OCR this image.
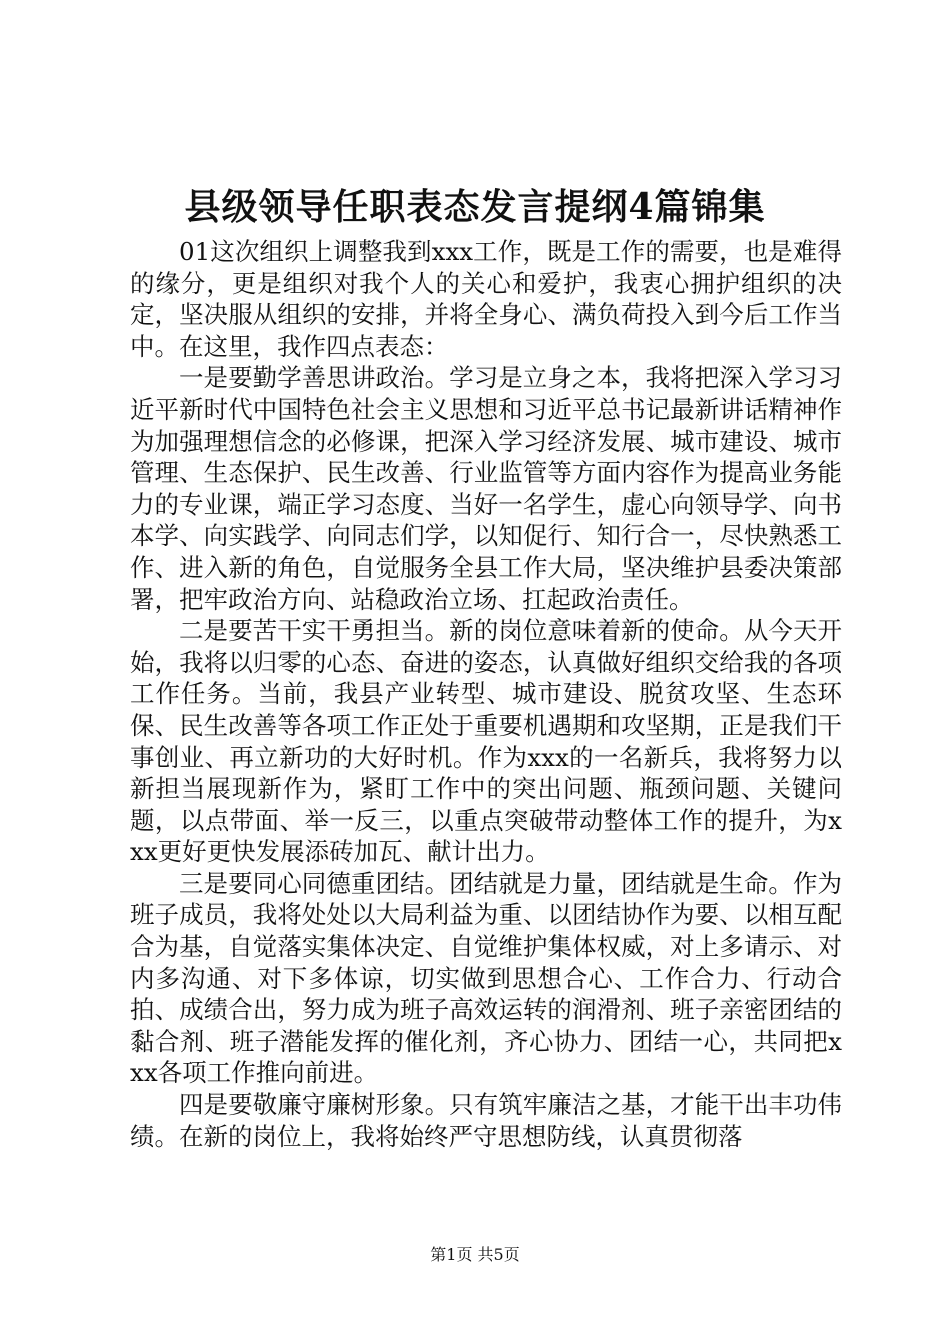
县级领导任职表态发言提纲4篇锦集

01这次组织上调整我到xxx工作，既是工作的需要，也是难得的缘分，更是组织对我个人的关心和爱护，我衷心拥护组织的决定，坚决服从组织的安排，并将全身心、满负荷投入到今后工作当中。在这里，我作四点表态：

一是要勤学善思讲政治。学习是立身之本，我将把深入学习习近平新时代中国特色社会主义思想和习近平总书记最新讲话精神作为加强理想信念的必修课，把深入学习经济发展、城市建设、城市管理、生态保护、民生改善、行业监管等方面内容作为提高业务能力的专业课，端正学习态度、当好一名学生，虚心向领导学、向书本学、向实践学、向同志们学，以知促行、知行合一，尽快熟悉工作、进入新的角色，自觉服务全县工作大局，坚决维护县委决策部署，把牢政治方向、站稳政治立场、扛起政治责任。

二是要苦干实干勇担当。新的岗位意味着新的使命。从今天开始，我将以归零的心态、奋进的姿态，认真做好组织交给我的各项工作任务。当前，我县产业转型、城市建设、脱贫攻坚、生态环保、民生改善等各项工作正处于重要机遇期和攻坚期，正是我们干事创业、再立新功的大好时机。作为xxx的一名新兵，我将努力以新担当展现新作为，紧盯工作中的突出问题、瓶颈问题、关键问题，以点带面、举一反三，以重点突破带动整体工作的提升，为xxx更好更快发展添砖加瓦、献计出力。

三是要同心同德重团结。团结就是力量，团结就是生命。作为班子成员，我将处处以大局利益为重、以团结协作为要、以相互配合为基，自觉落实集体决定、自觉维护集体权威，对上多请示、对内多沟通、对下多体谅，切实做到思想合心、工作合力、行动合拍、成绩合出，努力成为班子高效运转的润滑剂、班子亲密团结的黏合剂、班子潜能发挥的催化剂，齐心协力、团结一心，共同把xxx各项工作推向前进。

四是要敬廉守廉树形象。只有筑牢廉洁之基，才能干出丰功伟绩。在新的岗位上，我将始终严守思想防线，认真贯彻落

第1页 共5页
